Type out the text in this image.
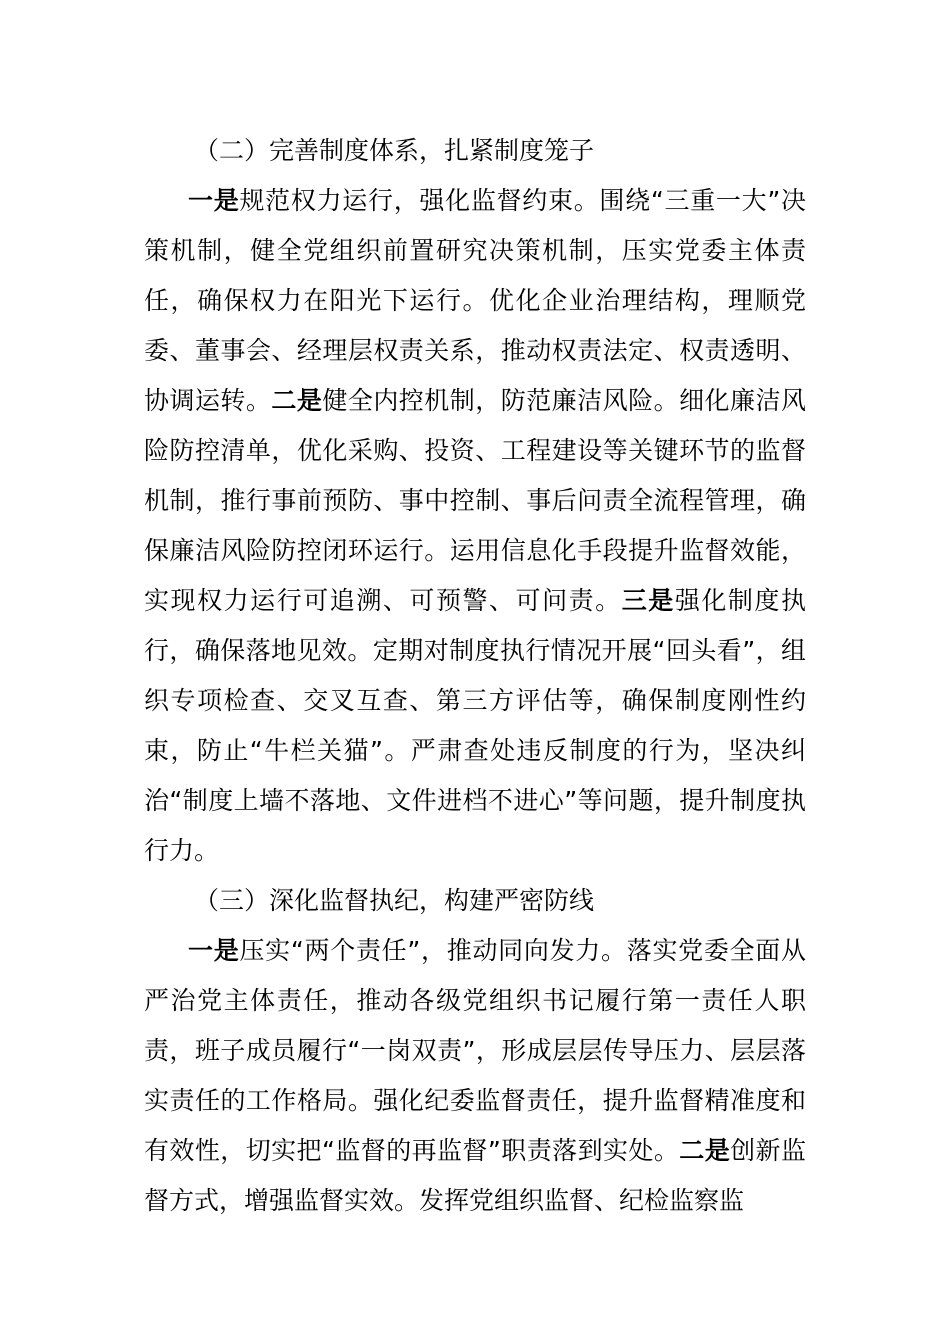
（二）完善制度体系，扎紧制度笼子

一是规范权力运行，强化监督约束。围绕“三重一大”决策机制，健全党组织前置研究决策机制，压实党委主体责任，确保权力在阳光下运行。优化企业治理结构，理顺党委、董事会、经理层权责关系，推动权责法定、权责透明、协调运转。二是健全内控机制，防范廉洁风险。细化廉洁风险防控清单，优化采购、投资、工程建设等关键环节的监督机制，推行事前预防、事中控制、事后问责全流程管理，确保廉洁风险防控闭环运行。运用信息化手段提升监督效能，实现权力运行可追溯、可预警、可问责。三是强化制度执行，确保落地见效。定期对制度执行情况开展“回头看”，组织专项检查、交叉互查、第三方评估等，确保制度刚性约束，防止“牛栏关猫”。严肃查处违反制度的行为，坚决纠治“制度上墙不落地、文件进档不进心”等问题，提升制度执行力。

（三）深化监督执纪，构建严密防线

一是压实“两个责任”，推动同向发力。落实党委全面从严治党主体责任，推动各级党组织书记履行第一责任人职责，班子成员履行“一岗双责”，形成层层传导压力、层层落实责任的工作格局。强化纪委监督责任，提升监督精准度和有效性，切实把“监督的再监督”职责落到实处。二是创新监督方式，增强监督实效。发挥党组织监督、纪检监察监
